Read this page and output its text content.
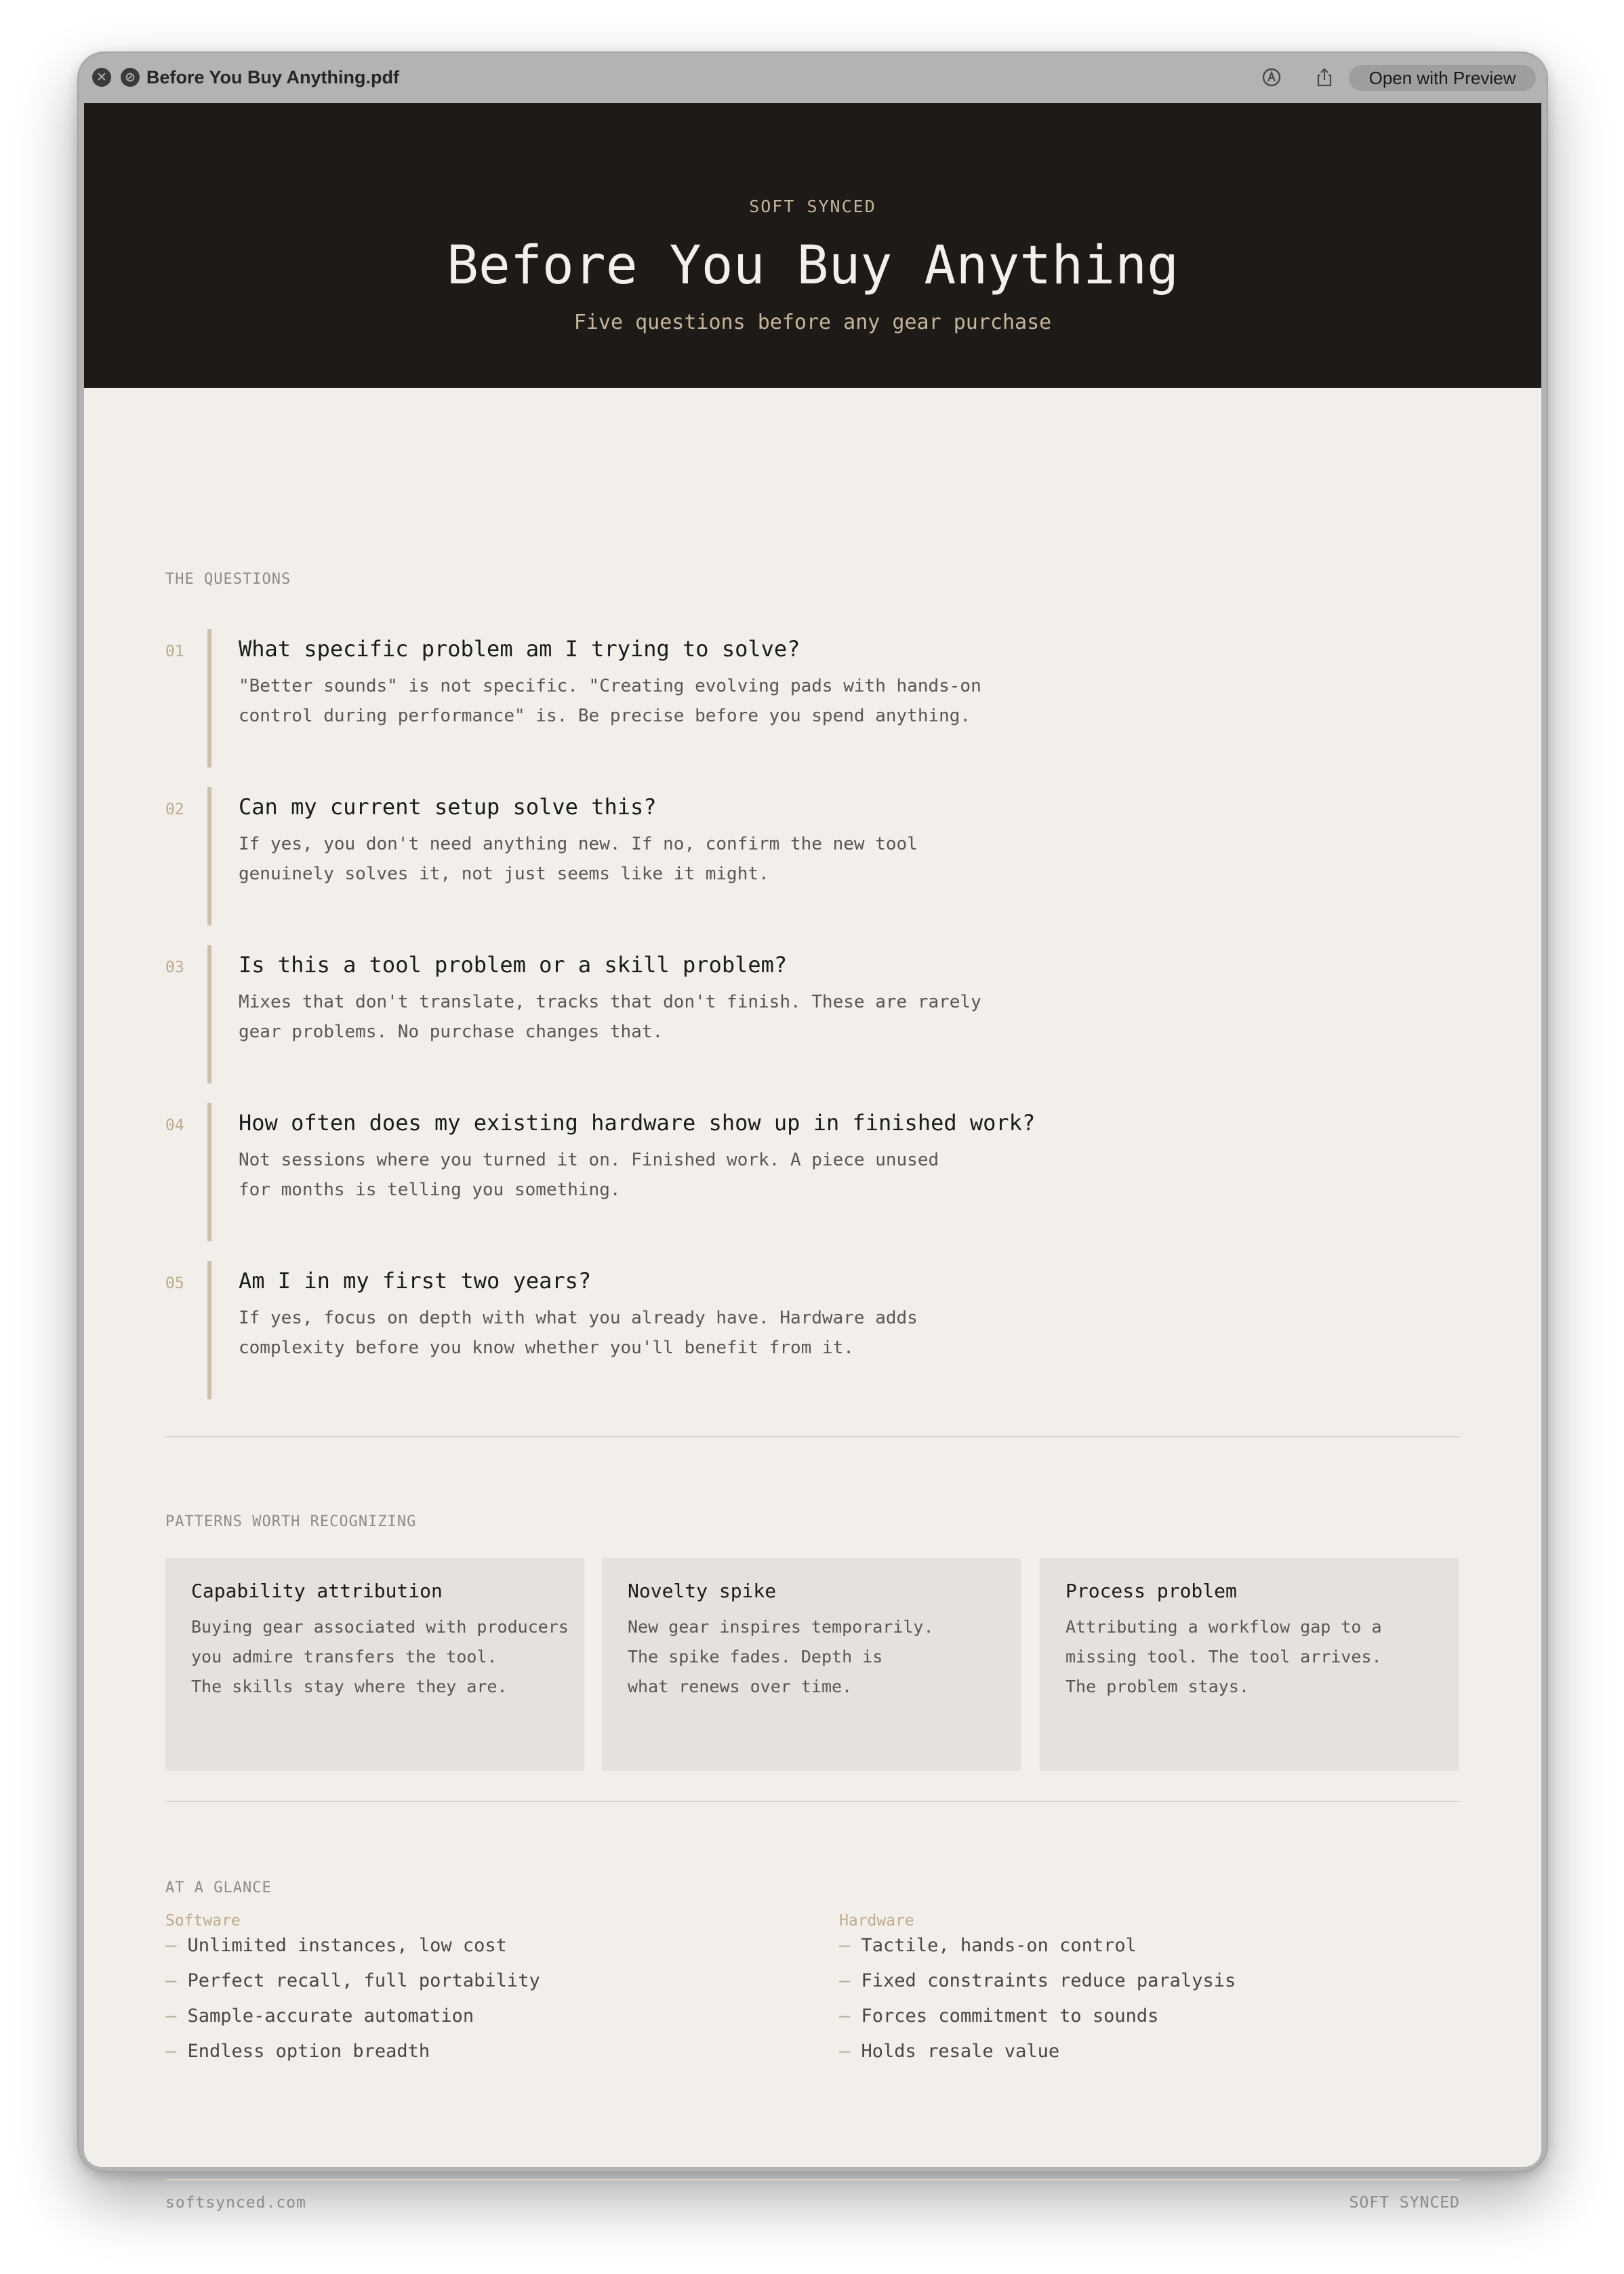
✕	⊘ Before You Buy Anything.pdf	Open with Preview
SOFT SYNCED
Before You Buy Anything
Five questions before any gear purchase
THE QUESTIONS
01	What specific problem am I trying to solve?
"Better sounds" is not specific. "Creating evolving pads with hands-on
control during performance" is. Be precise before you spend anything.
02	Can my current setup solve this?
If yes, you don't need anything new. If no, confirm the new tool
genuinely solves it, not just seems like it might.
03	Is this a tool problem or a skill problem?
Mixes that don't translate, tracks that don't finish. These are rarely
gear problems. No purchase changes that.
04	How often does my existing hardware show up in finished work?
Not sessions where you turned it on. Finished work. A piece unused
for months is telling you something.
05	Am I in my first two years?
If yes, focus on depth with what you already have. Hardware adds
complexity before you know whether you'll benefit from it.
PATTERNS WORTH RECOGNIZING
Capability attribution
Buying gear associated with producers
you admire transfers the tool.
The skills stay where they are.
Novelty spike
New gear inspires temporarily.
The spike fades. Depth is
what renews over time.
Process problem
Attributing a workflow gap to a
missing tool. The tool arrives.
The problem stays.
AT A GLANCE
Software
— Unlimited instances, low cost
— Perfect recall, full portability
— Sample-accurate automation
— Endless option breadth
Hardware
— Tactile, hands-on control
— Fixed constraints reduce paralysis
— Forces commitment to sounds
— Holds resale value
softsynced.com	SOFT SYNCED
